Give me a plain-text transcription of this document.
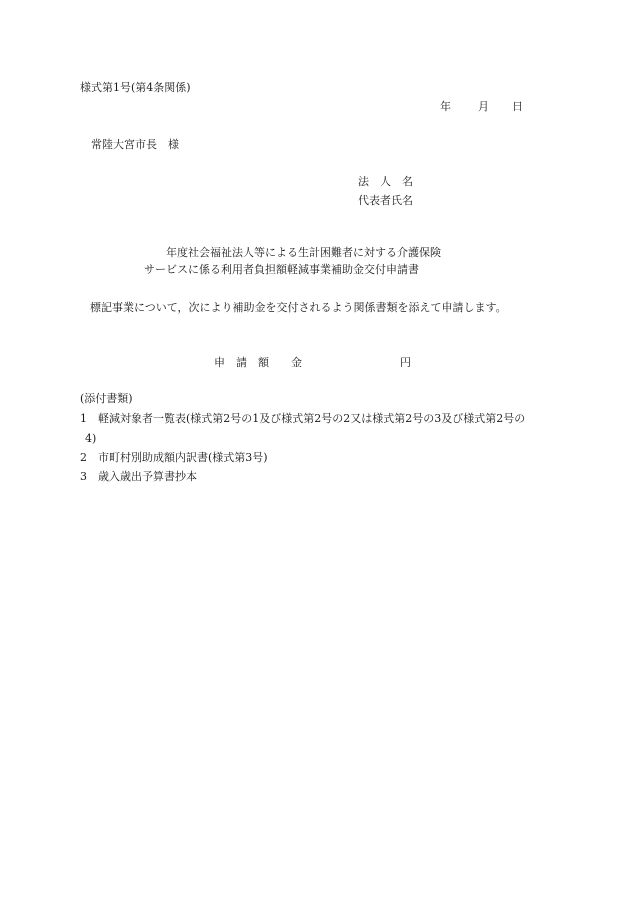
様式第1号(第4条関係)
年 月 日
常陸大宮市長　様
法　人　名
代表者氏名
年度社会福祉法人等による生計困難者に対する介護保険
サービスに係る利用者負担額軽減事業補助金交付申請書
標記事業について，次により補助金を交付されるよう関係書類を添えて申請します。
申　請　額　　金	円
(添付書類)
1 軽減対象者一覧表(様式第2号の1及び様式第2号の2又は様式第2号の3及び様式第2号の
4)
2 市町村別助成額内訳書(様式第3号)
3 歳入歳出予算書抄本
